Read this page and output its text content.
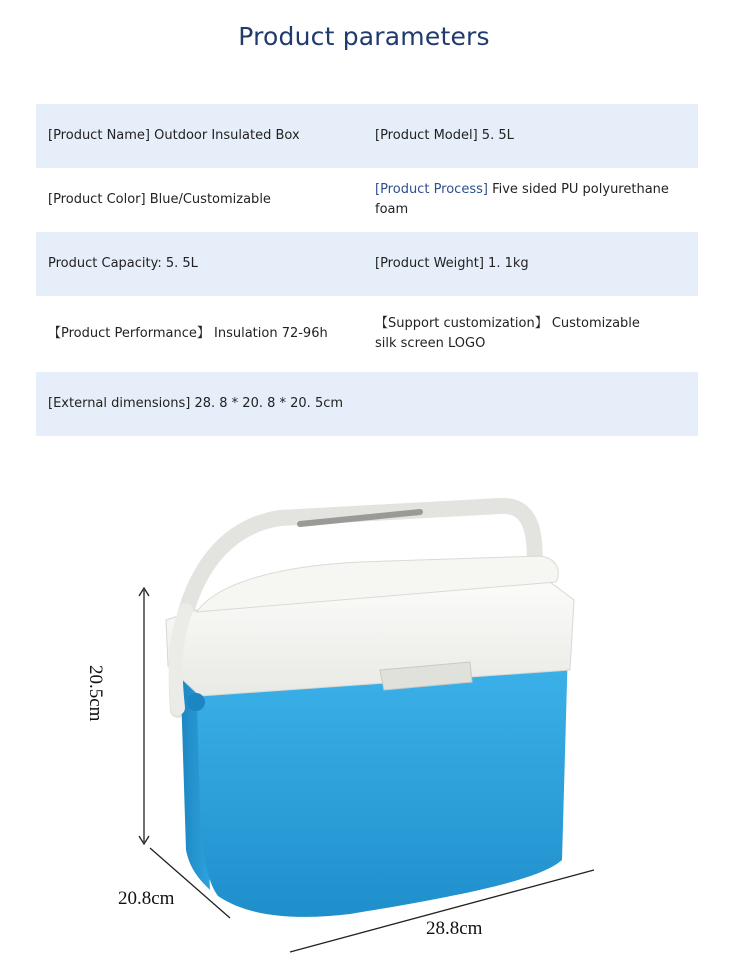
Product parameters
[Product Name] Outdoor Insulated Box	[Product Model] 5. 5L
[Product Color] Blue/Customizable
[Product Process] Five sided PU polyurethane foam
Product Capacity: 5. 5L	[Product Weight] 1. 1kg
【Product Performance】 Insulation 72-96h
【Support customization】 Customizable
silk screen LOGO
[External dimensions] 28. 8 * 20. 8 * 20. 5cm
20.5cm
20.8cm
28.8cm
